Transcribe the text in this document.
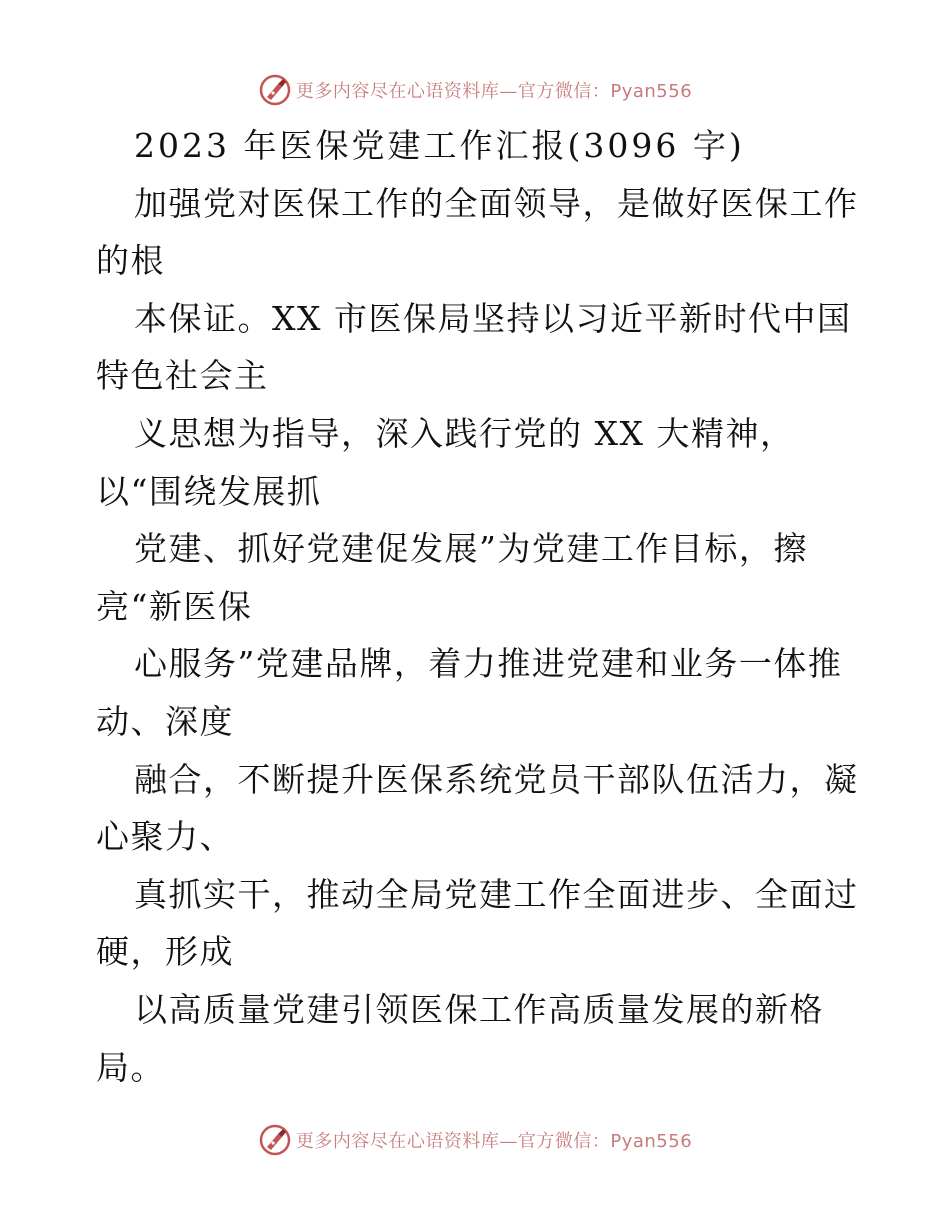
更多内容尽在心语资料库—官方微信：Pyan556
2023 年医保党建工作汇报(3096 字)
加强党对医保工作的全面领导，是做好医保工作
的根
本保证。XX 市医保局坚持以习近平新时代中国
特色社会主
义思想为指导，深入践行党的 XX 大精神，
以“围绕发展抓
党建、抓好党建促发展”为党建工作目标，擦
亮“新医保
心服务”党建品牌，着力推进党建和业务一体推
动、深度
融合，不断提升医保系统党员干部队伍活力，凝
心聚力、
真抓实干，推动全局党建工作全面进步、全面过
硬，形成
以高质量党建引领医保工作高质量发展的新格
局。
更多内容尽在心语资料库—官方微信：Pyan556
